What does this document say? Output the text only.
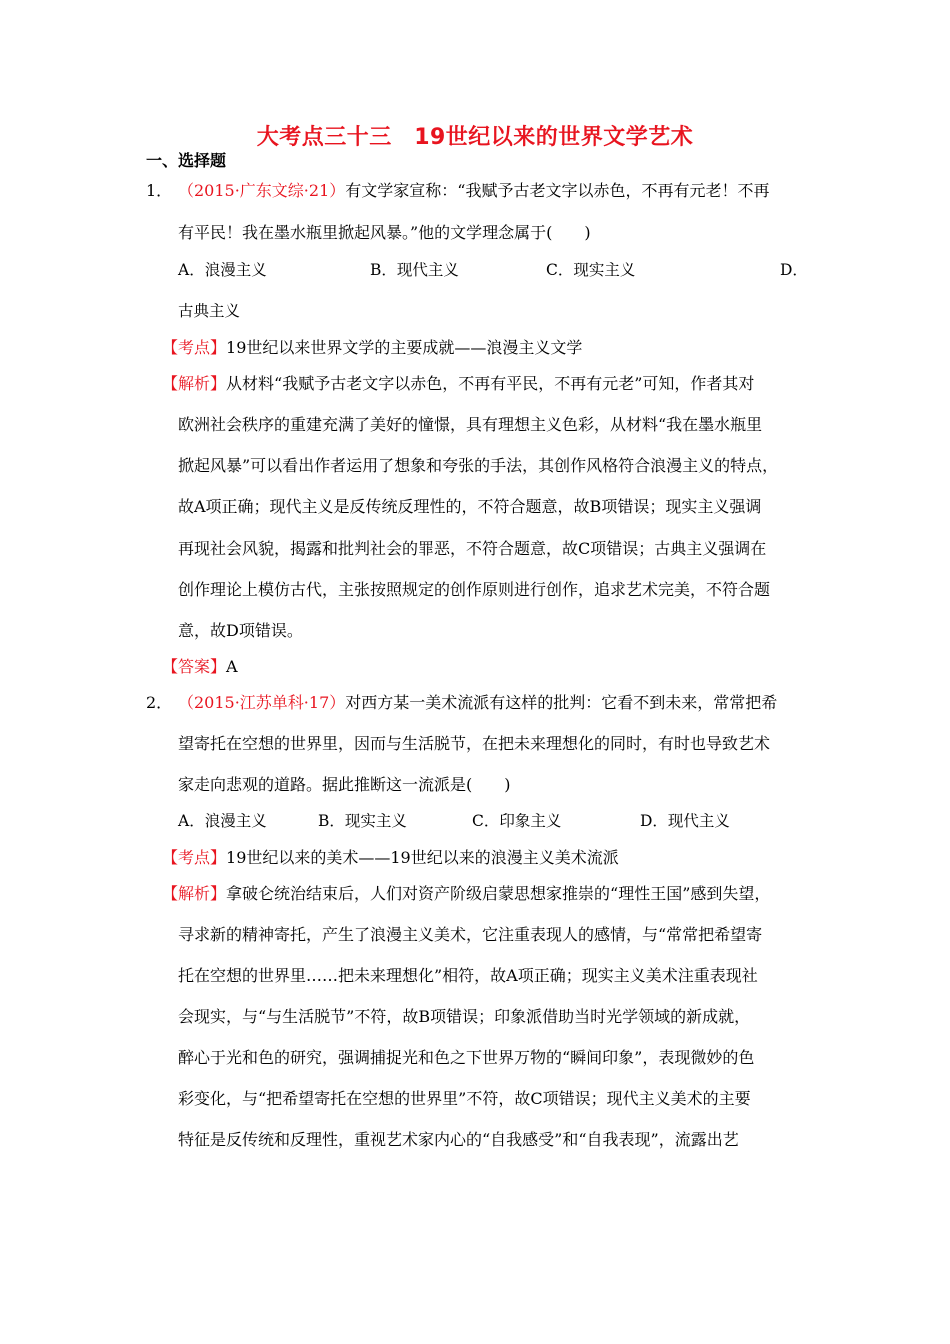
大考点三十三　19世纪以来的世界文学艺术
一、选择题
1． （2015·广东文综·21）有文学家宣称：“我赋予古老文字以赤色，不再有元老！不再
有平民！我在墨水瓶里掀起风暴。”他的文学理念属于(　　)
A．浪漫主义	B．现代主义	C．现实主义	D．
古典主义
【考点】19世纪以来世界文学的主要成就——浪漫主义文学
【解析】从材料“我赋予古老文字以赤色，不再有平民，不再有元老”可知，作者其对
欧洲社会秩序的重建充满了美好的憧憬，具有理想主义色彩，从材料“我在墨水瓶里
掀起风暴”可以看出作者运用了想象和夸张的手法，其创作风格符合浪漫主义的特点，
故A项正确；现代主义是反传统反理性的，不符合题意，故B项错误；现实主义强调
再现社会风貌，揭露和批判社会的罪恶，不符合题意，故C项错误；古典主义强调在
创作理论上模仿古代，主张按照规定的创作原则进行创作，追求艺术完美，不符合题
意，故D项错误。
【答案】A
2． （2015·江苏单科·17）对西方某一美术流派有这样的批判：它看不到未来，常常把希
望寄托在空想的世界里，因而与生活脱节，在把未来理想化的同时，有时也导致艺术
家走向悲观的道路。据此推断这一流派是(　　)
A．浪漫主义	B．现实主义	C．印象主义	D．现代主义
【考点】19世纪以来的美术——19世纪以来的浪漫主义美术流派
【解析】拿破仑统治结束后，人们对资产阶级启蒙思想家推崇的“理性王国”感到失望，
寻求新的精神寄托，产生了浪漫主义美术，它注重表现人的感情，与“常常把希望寄
托在空想的世界里……把未来理想化”相符，故A项正确；现实主义美术注重表现社
会现实，与“与生活脱节”不符，故B项错误；印象派借助当时光学领域的新成就，
醉心于光和色的研究，强调捕捉光和色之下世界万物的“瞬间印象”，表现微妙的色
彩变化，与“把希望寄托在空想的世界里”不符，故C项错误；现代主义美术的主要
特征是反传统和反理性，重视艺术家内心的“自我感受”和“自我表现”，流露出艺
